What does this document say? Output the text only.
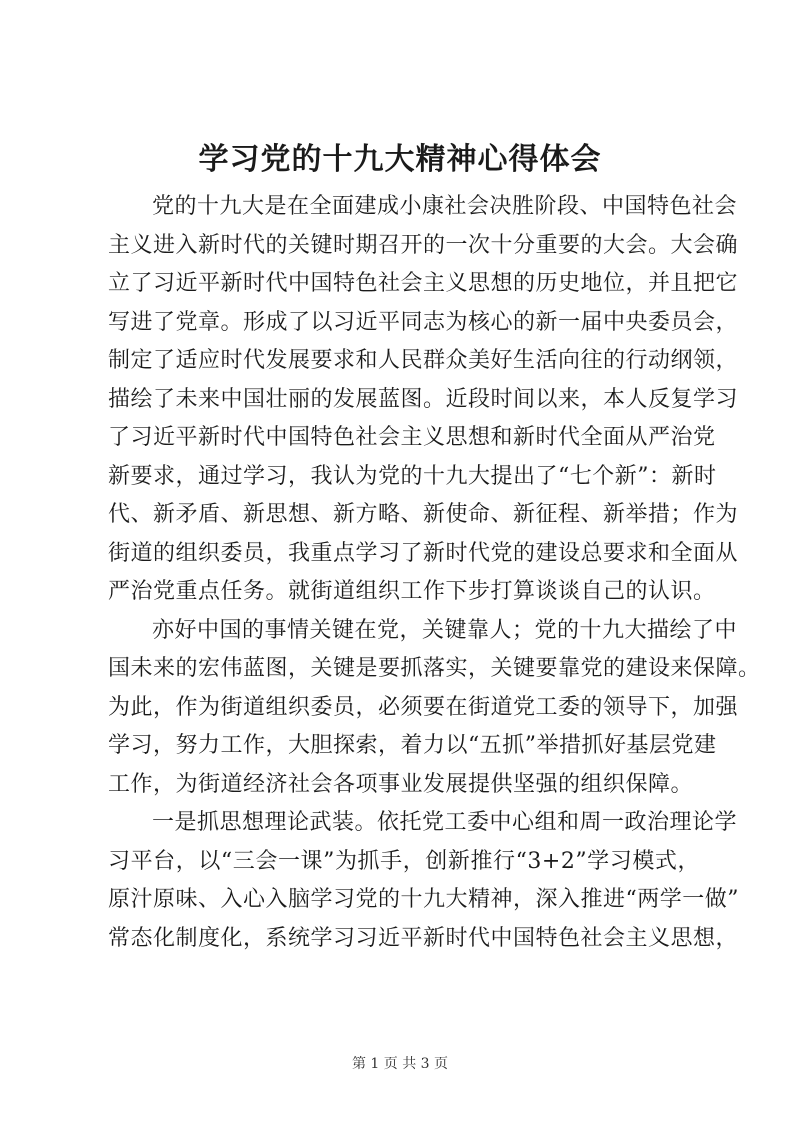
学习党的十九大精神心得体会
党的十九大是在全面建成小康社会决胜阶段、中国特色社会
主义进入新时代的关键时期召开的一次十分重要的大会。大会确
立了习近平新时代中国特色社会主义思想的历史地位，并且把它
写进了党章。形成了以习近平同志为核心的新一届中央委员会，
制定了适应时代发展要求和人民群众美好生活向往的行动纲领，
描绘了未来中国壮丽的发展蓝图。近段时间以来，本人反复学习
了习近平新时代中国特色社会主义思想和新时代全面从严治党
新要求，通过学习，我认为党的十九大提出了“七个新”：新时
代、新矛盾、新思想、新方略、新使命、新征程、新举措；作为
街道的组织委员，我重点学习了新时代党的建设总要求和全面从
严治党重点任务。就街道组织工作下步打算谈谈自己的认识。
亦好中国的事情关键在党，关键靠人；党的十九大描绘了中
国未来的宏伟蓝图，关键是要抓落实，关键要靠党的建设来保障。
为此，作为街道组织委员，必须要在街道党工委的领导下，加强
学习，努力工作，大胆探索，着力以“五抓”举措抓好基层党建
工作，为街道经济社会各项事业发展提供坚强的组织保障。
一是抓思想理论武装。依托党工委中心组和周一政治理论学
习平台，以“三会一课”为抓手，创新推行“3+2”学习模式，
原汁原味、入心入脑学习党的十九大精神，深入推进“两学一做”
常态化制度化，系统学习习近平新时代中国特色社会主义思想，
第 1 页 共 3 页
